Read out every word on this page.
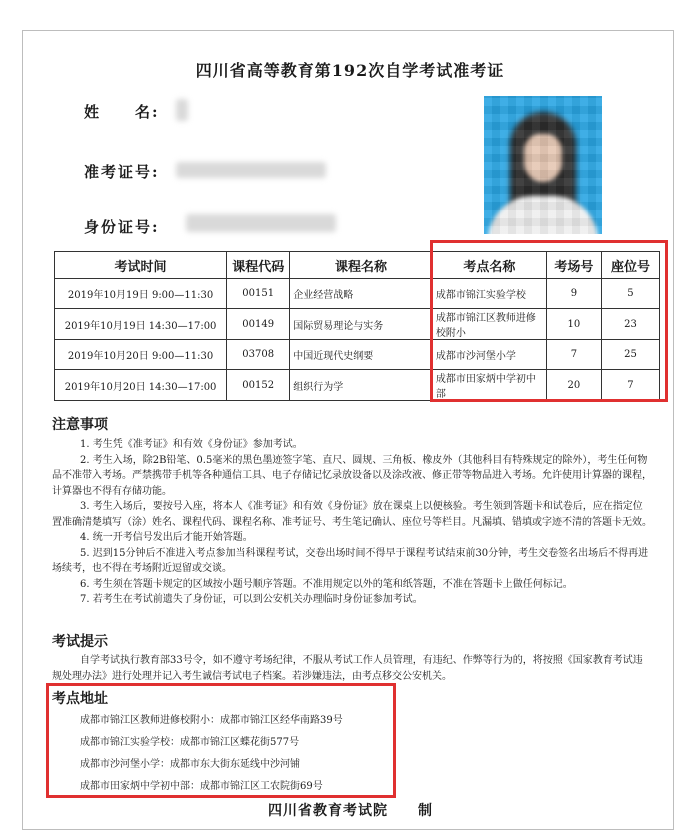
四川省高等教育第192次自学考试准考证
姓　　名:
准考证号:
身份证号:
考试时间	课程代码	课程名称	考点名称	考场号	座位号
2019年10月19日 9:00—11:30	00151	企业经营战略	成都市锦江实验学校	9	5
2019年10月19日 14:30—17:00	00149	国际贸易理论与实务	成都市锦江区教师进修校附小	10	23
2019年10月20日 9:00—11:30	03708	中国近现代史纲要	成都市沙河堡小学	7	25
2019年10月20日 14:30—17:00	00152	组织行为学	成都市田家炳中学初中部	20	7
注意事项
1. 考生凭《准考证》和有效《身份证》参加考试。
2. 考生入场，除2B铅笔、0.5毫米的黑色墨迹签字笔、直尺、圆规、三角板、橡皮外（其他科目有特殊规定的除外），考生任何物品不准带入考场。严禁携带手机等各种通信工具、电子存储记忆录放设备以及涂改液、修正带等物品进入考场。允许使用计算器的课程，计算器也不得有存储功能。
3. 考生入场后，要按号入座，将本人《准考证》和有效《身份证》放在课桌上以便核验。考生领到答题卡和试卷后，应在指定位置准确清楚填写（涂）姓名、课程代码、课程名称、准考证号、考生笔记确认、座位号等栏目。凡漏填、错填或字迹不清的答题卡无效。
4. 统一开考信号发出后才能开始答题。
5. 迟到15分钟后不准进入考点参加当科课程考试，交卷出场时间不得早于课程考试结束前30分钟，考生交卷签名出场后不得再进场续考，也不得在考场附近逗留或交谈。
6. 考生须在答题卡规定的区域按小题号顺序答题。不准用规定以外的笔和纸答题，不准在答题卡上做任何标记。
7. 若考生在考试前遗失了身份证，可以到公安机关办理临时身份证参加考试。
考试提示
自学考试执行教育部33号令，如不遵守考场纪律，不服从考试工作人员管理，有违纪、作弊等行为的，将按照《国家教育考试违规处理办法》进行处理并记入考生诚信考试电子档案。若涉嫌违法，由考点移交公安机关。
考点地址
成都市锦江区教师进修校附小：成都市锦江区经华南路39号
成都市锦江实验学校：成都市锦江区蝶花街577号
成都市沙河堡小学：成都市东大街东延线中沙河铺
成都市田家炳中学初中部：成都市锦江区工农院街69号
四川省教育考试院　　制
